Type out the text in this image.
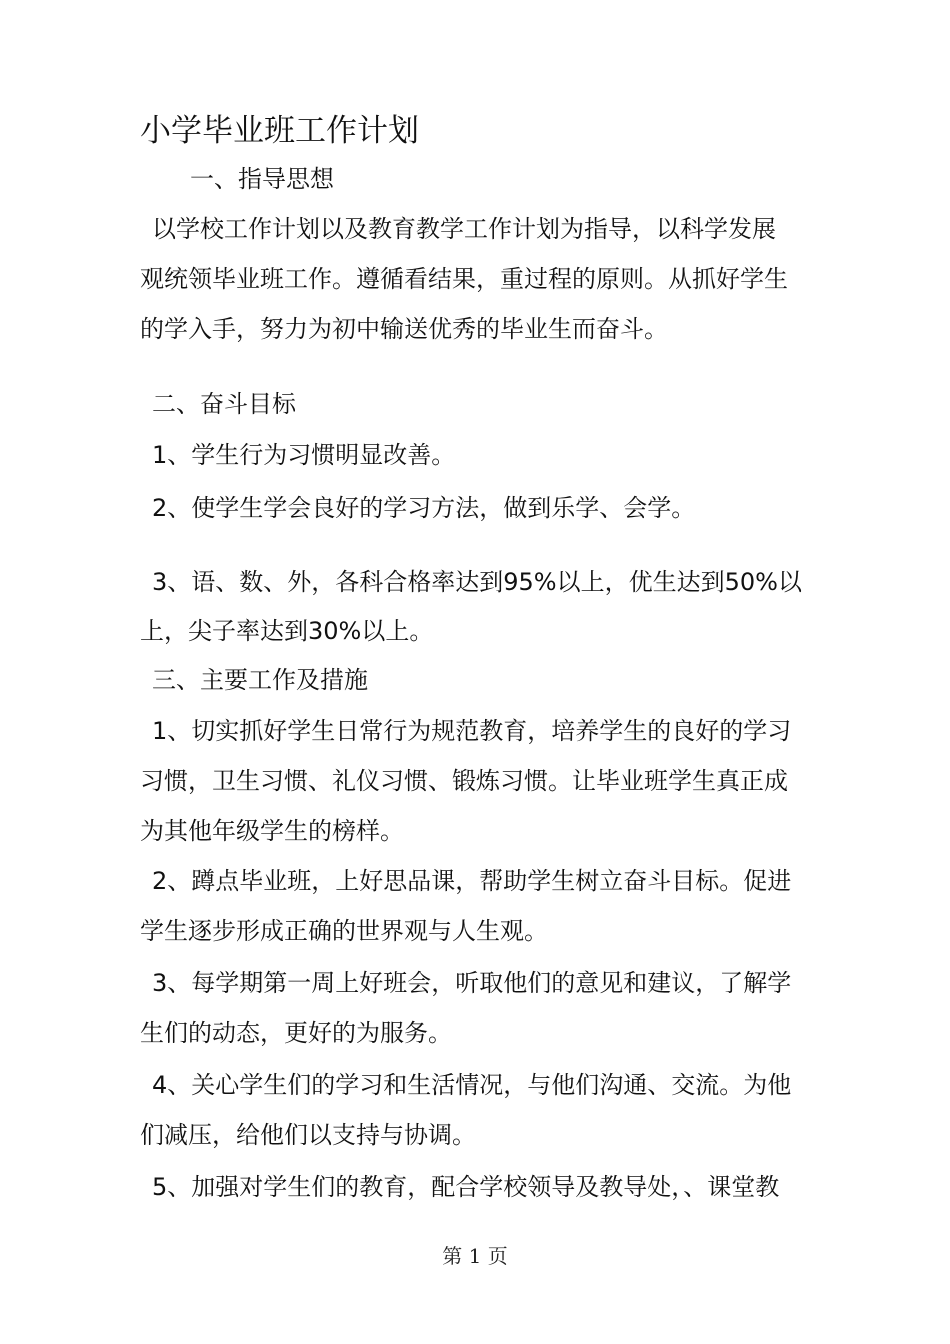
小学毕业班工作计划

一、指导思想

以学校工作计划以及教育教学工作计划为指导，以科学发展

观统领毕业班工作。遵循看结果，重过程的原则。从抓好学生

的学入手，努力为初中输送优秀的毕业生而奋斗。

二、奋斗目标

1、学生行为习惯明显改善。

2、使学生学会良好的学习方法，做到乐学、会学。

3、语、数、外，各科合格率达到95%以上，优生达到50%以

上，尖子率达到30%以上。

三、主要工作及措施

1、切实抓好学生日常行为规范教育，培养学生的良好的学习

习惯，卫生习惯、礼仪习惯、锻炼习惯。让毕业班学生真正成

为其他年级学生的榜样。

2、蹲点毕业班，上好思品课，帮助学生树立奋斗目标。促进

学生逐步形成正确的世界观与人生观。

3、每学期第一周上好班会，听取他们的意见和建议，了解学

生们的动态，更好的为服务。

4、关心学生们的学习和生活情况，与他们沟通、交流。为他

们减压，给他们以支持与协调。

5、加强对学生们的教育，配合学校领导及教导处，、课堂教

第 1 页
